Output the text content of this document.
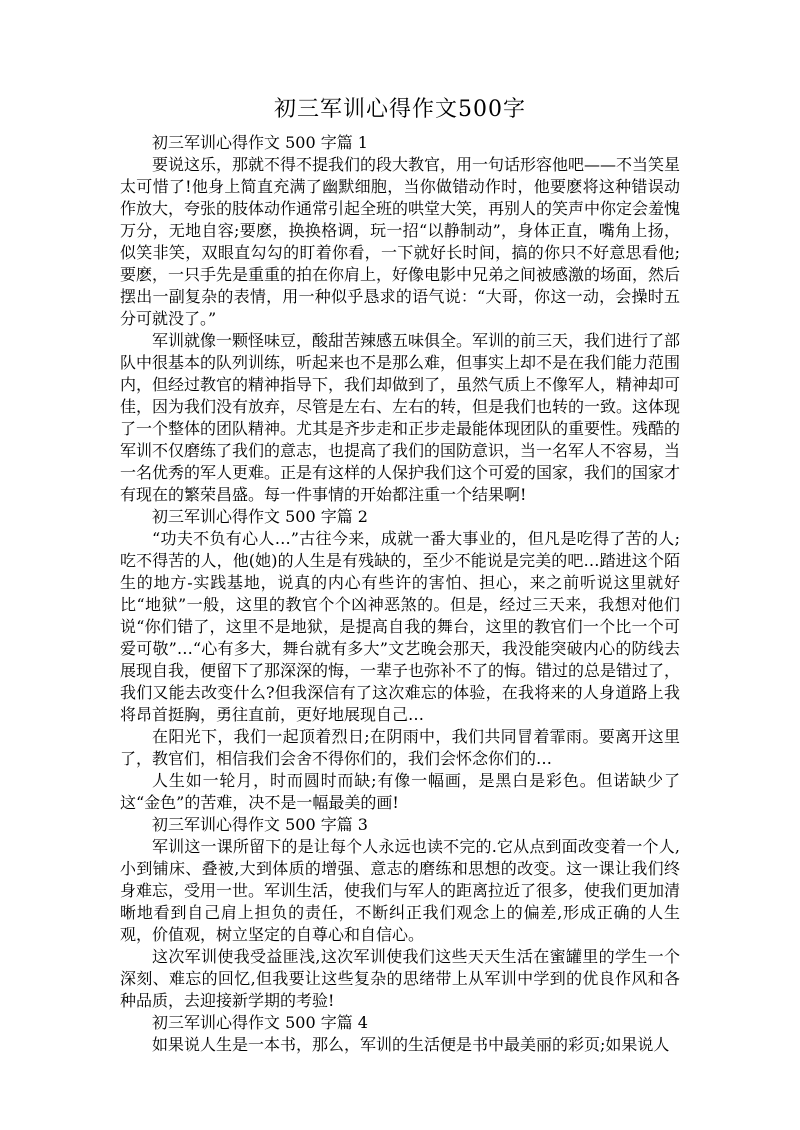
初三军训心得作文500字

初三军训心得作文 500 字篇 1

要说这乐，那就不得不提我们的段大教官，用一句话形容他吧——不当笑星太可惜了!他身上简直充满了幽默细胞，当你做错动作时，他要麽将这种错误动作放大，夸张的肢体动作通常引起全班的哄堂大笑，再别人的笑声中你定会羞愧万分，无地自容;要麽，换换格调，玩一招“以静制动”，身体正直，嘴角上扬，似笑非笑，双眼直勾勾的盯着你看，一下就好长时间，搞的你只不好意思看他;要麽，一只手先是重重的拍在你肩上，好像电影中兄弟之间被感激的场面，然后摆出一副复杂的表情，用一种似乎恳求的语气说：“大哥，你这一动，会操时五分可就没了。”

军训就像一颗怪味豆，酸甜苦辣感五味俱全。军训的前三天，我们进行了部队中很基本的队列训练，听起来也不是那么难，但事实上却不是在我们能力范围内，但经过教官的精神指导下，我们却做到了，虽然气质上不像军人，精神却可佳，因为我们没有放弃，尽管是左右、左右的转，但是我们也转的一致。这体现了一个整体的团队精神。尤其是齐步走和正步走最能体现团队的重要性。残酷的军训不仅磨练了我们的意志，也提高了我们的国防意识，当一名军人不容易，当一名优秀的军人更难。正是有这样的人保护我们这个可爱的国家，我们的国家才有现在的繁荣昌盛。每一件事情的开始都注重一个结果啊!

初三军训心得作文 500 字篇 2

“功夫不负有心人…”古往今来，成就一番大事业的，但凡是吃得了苦的人;吃不得苦的人，他(她)的人生是有残缺的，至少不能说是完美的吧…踏进这个陌生的地方-实践基地，说真的内心有些许的害怕、担心，来之前听说这里就好比“地狱”一般，这里的教官个个凶神恶煞的。但是，经过三天来，我想对他们说“你们错了，这里不是地狱，是提高自我的舞台，这里的教官们一个比一个可爱可敬”…“心有多大，舞台就有多大”文艺晚会那天，我没能突破内心的防线去展现自我，便留下了那深深的悔，一辈子也弥补不了的悔。错过的总是错过了，我们又能去改变什么?但我深信有了这次难忘的体验，在我将来的人身道路上我将昂首挺胸，勇往直前，更好地展现自己…

在阳光下，我们一起顶着烈日;在阴雨中，我们共同冒着霏雨。要离开这里了，教官们，相信我们会舍不得你们的，我们会怀念你们的…

人生如一轮月，时而圆时而缺;有像一幅画，是黑白是彩色。但诺缺少了这“金色”的苦难，决不是一幅最美的画!

初三军训心得作文 500 字篇 3

军训这一课所留下的是让每个人永远也读不完的.它从点到面改变着一个人,小到铺床、叠被,大到体质的增强、意志的磨练和思想的改变。这一课让我们终身难忘，受用一世。军训生活，使我们与军人的距离拉近了很多，使我们更加清晰地看到自己肩上担负的责任，不断纠正我们观念上的偏差,形成正确的人生观，价值观，树立坚定的自尊心和自信心。

这次军训使我受益匪浅,这次军训使我们这些天天生活在蜜罐里的学生一个深刻、难忘的回忆,但我要让这些复杂的思绪带上从军训中学到的优良作风和各种品质，去迎接新学期的考验!

初三军训心得作文 500 字篇 4

如果说人生是一本书，那么，军训的生活便是书中最美丽的彩页;如果说人
